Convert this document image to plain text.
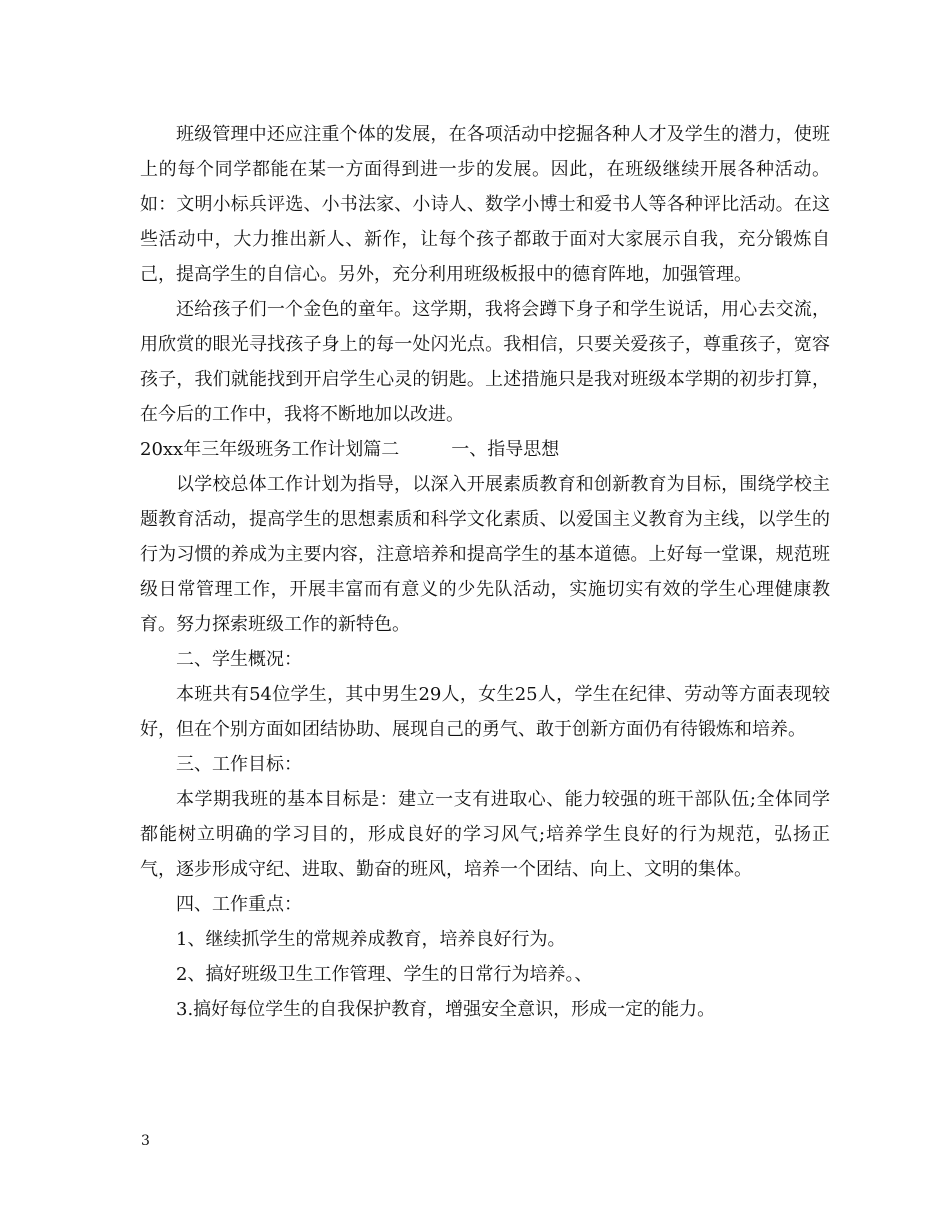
班级管理中还应注重个体的发展，在各项活动中挖掘各种人才及学生的潜力，使班上的每个同学都能在某一方面得到进一步的发展。因此，在班级继续开展各种活动。如：文明小标兵评选、小书法家、小诗人、数学小博士和爱书人等各种评比活动。在这些活动中，大力推出新人、新作，让每个孩子都敢于面对大家展示自我，充分锻炼自己，提高学生的自信心。另外，充分利用班级板报中的德育阵地，加强管理。

还给孩子们一个金色的童年。这学期，我将会蹲下身子和学生说话，用心去交流，用欣赏的眼光寻找孩子身上的每一处闪光点。我相信，只要关爱孩子，尊重孩子，宽容孩子，我们就能找到开启学生心灵的钥匙。上述措施只是我对班级本学期的初步打算，在今后的工作中，我将不断地加以改进。

20xx年三年级班务工作计划篇二	一、指导思想

以学校总体工作计划为指导，以深入开展素质教育和创新教育为目标，围绕学校主题教育活动，提高学生的思想素质和科学文化素质、以爱国主义教育为主线，以学生的行为习惯的养成为主要内容，注意培养和提高学生的基本道德。上好每一堂课，规范班级日常管理工作，开展丰富而有意义的少先队活动，实施切实有效的学生心理健康教育。努力探索班级工作的新特色。

二、学生概况：

本班共有54位学生，其中男生29人，女生25人，学生在纪律、劳动等方面表现较好，但在个别方面如团结协助、展现自己的勇气、敢于创新方面仍有待锻炼和培养。

三、工作目标：

本学期我班的基本目标是：建立一支有进取心、能力较强的班干部队伍;全体同学都能树立明确的学习目的，形成良好的学习风气;培养学生良好的行为规范，弘扬正气，逐步形成守纪、进取、勤奋的班风，培养一个团结、向上、文明的集体。

四、工作重点：

1、继续抓学生的常规养成教育，培养良好行为。

2、搞好班级卫生工作管理、学生的日常行为培养。、

3.搞好每位学生的自我保护教育，增强安全意识，形成一定的能力。

3
